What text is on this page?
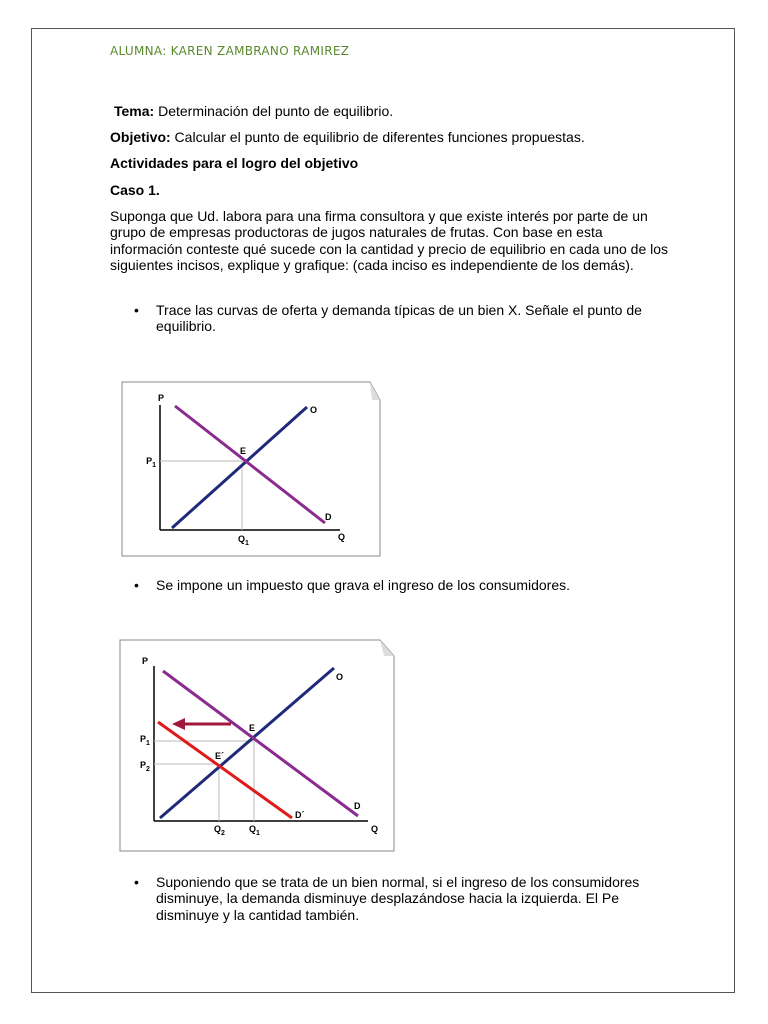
ALUMNA: KAREN ZAMBRANO RAMIREZ
Tema: Determinación del punto de equilibrio.
Objetivo: Calcular el punto de equilibrio de diferentes funciones propuestas.
Actividades para el logro del objetivo
Caso 1.
Suponga que Ud. labora para una firma consultora y que existe interés por parte de un grupo de empresas productoras de jugos naturales de frutas. Con base en esta información conteste qué sucede con la cantidad y precio de equilibrio en cada uno de los siguientes incisos, explique y grafique: (cada inciso es independiente de los demás).
• Trace las curvas de oferta y demanda típicas de un bien X. Señale el punto de equilibrio.
P
Q
$P_1$
$Q_1$
O
D
E
• Se impone un impuesto que grava el ingreso de los consumidores.
P
Q
$P_1$
$P_2$
$Q_2$	$Q_1$
O
D
D´
E
E´
• Suponiendo que se trata de un bien normal, si el ingreso de los consumidores disminuye, la demanda disminuye desplazándose hacia la izquierda. El Pe disminuye y la cantidad también.
